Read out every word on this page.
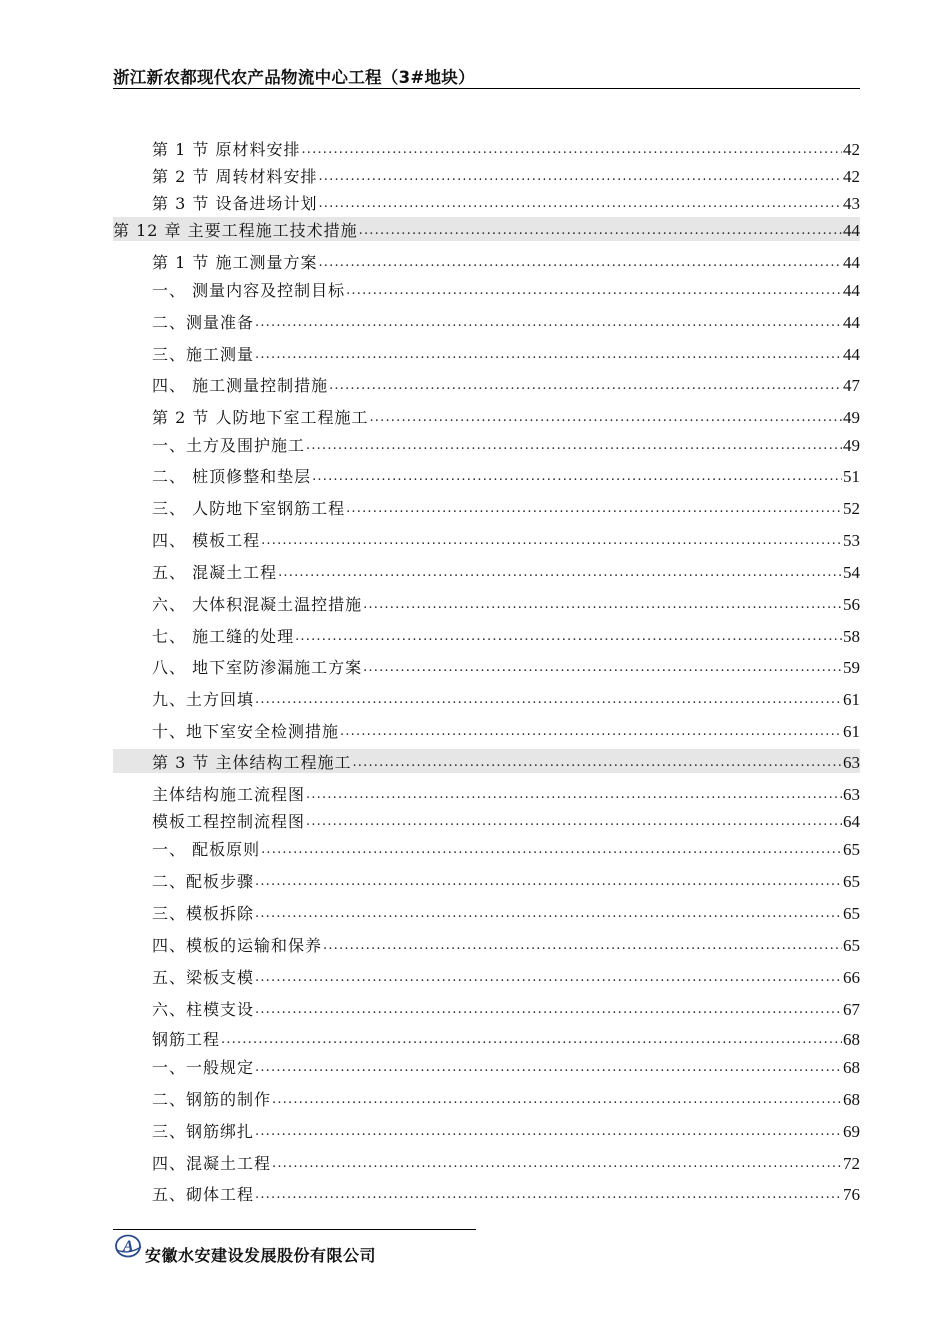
浙江新农都现代农产品物流中心工程（3#地块）
第 1 节 原材料安排 .....	42
第 2 节 周转材料安排 .....	42
第 3 节 设备进场计划 .....	43
第 12 章 主要工程施工技术措施 .....	44
第 1 节 施工测量方案 .....	44
一、 测量内容及控制目标 .....	44
二、测量准备 .....	44
三、施工测量 .....	44
四、 施工测量控制措施 .....	47
第 2 节 人防地下室工程施工 .....	49
一、土方及围护施工 .....	49
二、 桩顶修整和垫层 .....	51
三、 人防地下室钢筋工程 .....	52
四、 模板工程 .....	53
五、 混凝土工程 .....	54
六、 大体积混凝土温控措施 .....	56
七、 施工缝的处理 .....	58
八、 地下室防渗漏施工方案 .....	59
九、土方回填 .....	61
十、地下室安全检测措施 .....	61
第 3 节 主体结构工程施工 .....	63
主体结构施工流程图 .....	63
模板工程控制流程图 .....	64
一、 配板原则 .....	65
二、配板步骤 .....	65
三、模板拆除 .....	65
四、模板的运输和保养 .....	65
五、梁板支模 .....	66
六、柱模支设 .....	67
钢筋工程 .....	68
一、一般规定 .....	68
二、钢筋的制作 .....	68
三、钢筋绑扎 .....	69
四、混凝土工程 .....	72
五、砌体工程 .....	76
A 安徽水安建设发展股份有限公司
